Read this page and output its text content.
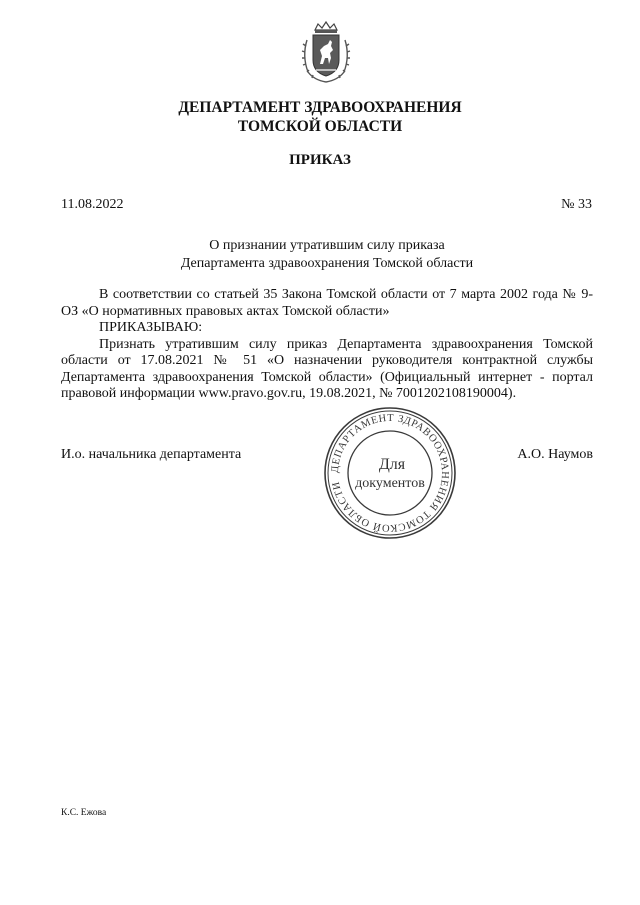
ДЕПАРТАМЕНТ ЗДРАВООХРАНЕНИЯ
ТОМСКОЙ ОБЛАСТИ
ПРИКАЗ
11.08.2022	№ 33
О признании утратившим силу приказа
Департамента здравоохранения Томской области

В соответствии со статьей 35 Закона Томской области от 7 марта 2002 года № 9-ОЗ «О нормативных правовых актах Томской области»

ПРИКАЗЫВАЮ:

Признать утратившим силу приказ Департамента здравоохранения Томской области от 17.08.2021 № 51 «О назначении руководителя контрактной службы Департамента здравоохранения Томской области» (Официальный интернет - портал правовой информации www.pravo.gov.ru, 19.08.2021, № 7001202108190004).

И.о. начальника департамента	А.О. Наумов
ДЕПАРТАМЕНТ ЗДРАВООХРАНЕНИЯ ТОМСКОЙ ОБЛАСТИ
Для
документов
К.С. Ежова
